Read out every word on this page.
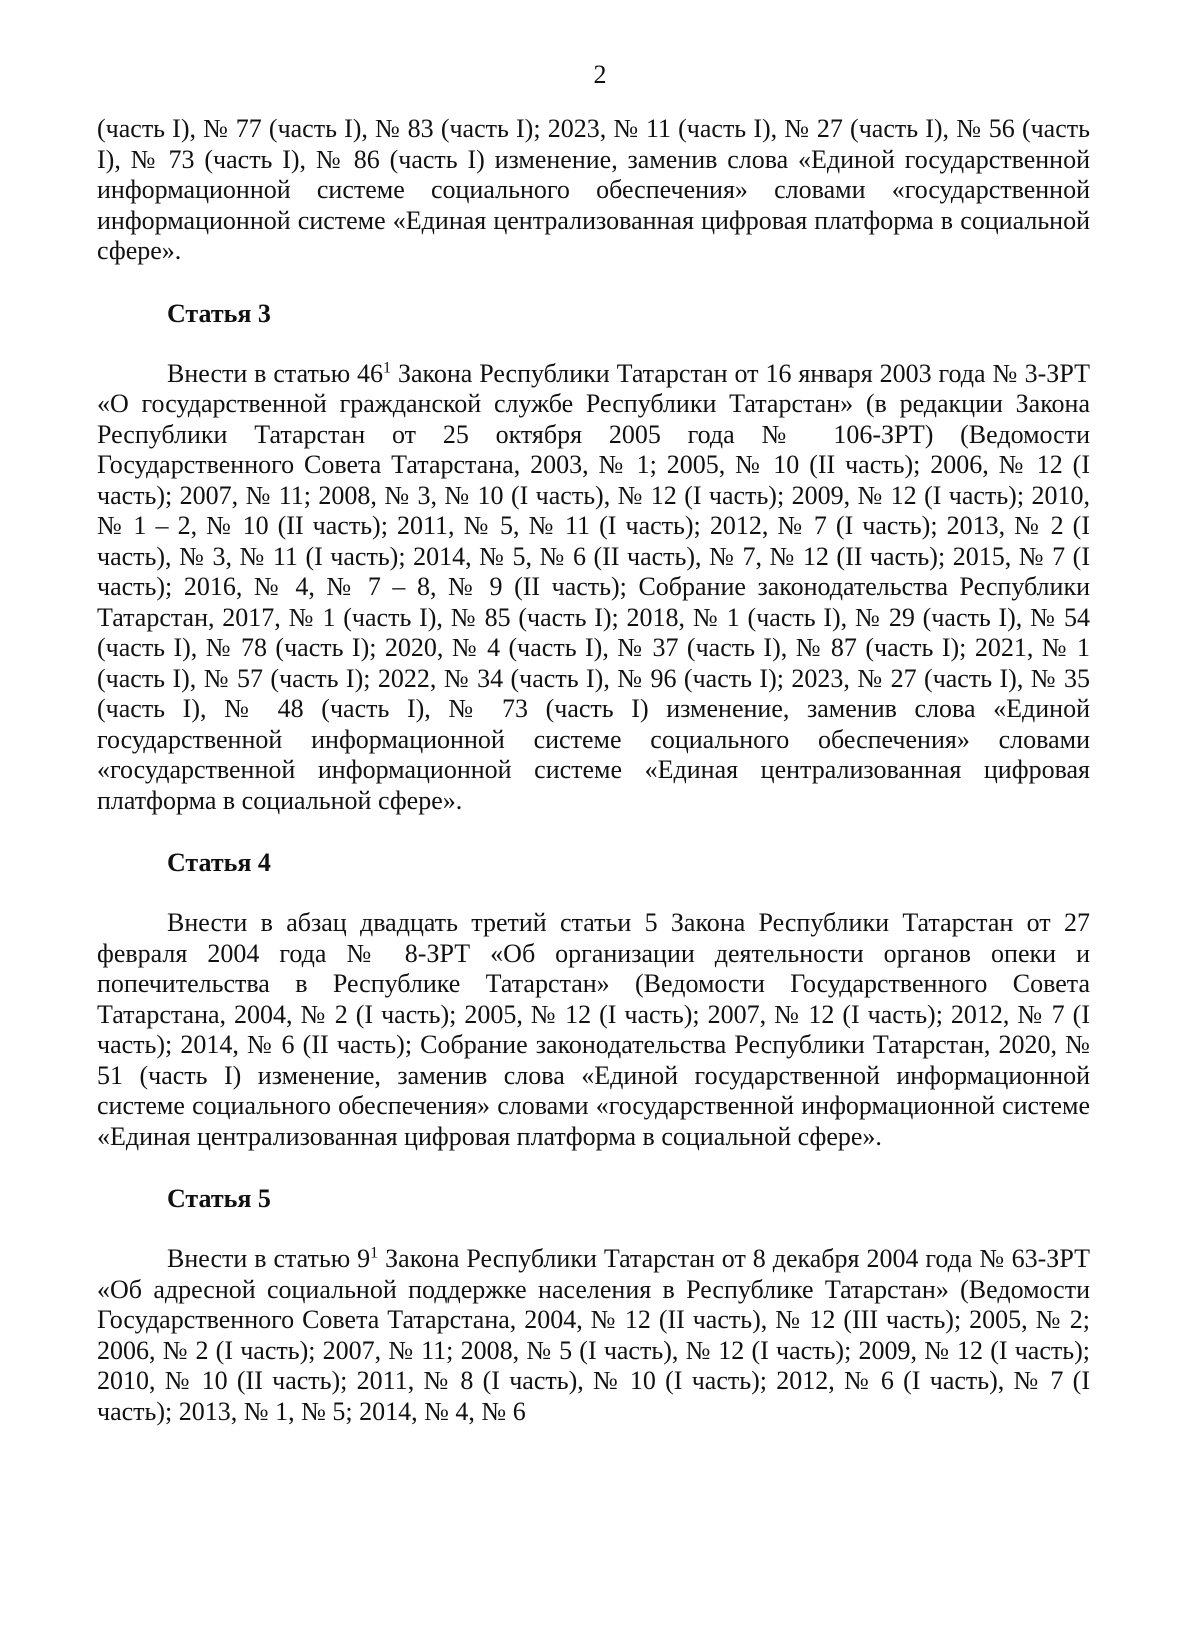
2

(часть I), № 77 (часть I), № 83 (часть I); 2023, № 11 (часть I), № 27 (часть I), № 56 (часть I), № 73 (часть I), № 86 (часть I) изменение, заменив слова «Единой государственной информационной системе социального обеспечения» словами «государственной информационной системе «Единая централизованная цифровая платформа в социальной сфере».

Статья 3

Внести в статью $46^1$ Закона Республики Татарстан от 16 января 2003 года № 3-ЗРТ «О государственной гражданской службе Республики Татарстан» (в редакции Закона Республики Татарстан от 25 октября 2005 года № 106-ЗРТ) (Ведомости Государственного Совета Татарстана, 2003, № 1; 2005, № 10 (II часть); 2006, № 12 (I часть); 2007, № 11; 2008, № 3, № 10 (I часть), № 12 (I часть); 2009, № 12 (I часть); 2010, № 1 – 2, № 10 (II часть); 2011, № 5, № 11 (I часть); 2012, № 7 (I часть); 2013, № 2 (I часть), № 3, № 11 (I часть); 2014, № 5, № 6 (II часть), № 7, № 12 (II часть); 2015, № 7 (I часть); 2016, № 4, № 7 – 8, № 9 (II часть); Собрание законодательства Республики Татарстан, 2017, № 1 (часть I), № 85 (часть I); 2018, № 1 (часть I), № 29 (часть I), № 54 (часть I), № 78 (часть I); 2020, № 4 (часть I), № 37 (часть I), № 87 (часть I); 2021, № 1 (часть I), № 57 (часть I); 2022, № 34 (часть I), № 96 (часть I); 2023, № 27 (часть I), № 35 (часть I), № 48 (часть I), № 73 (часть I) изменение, заменив слова «Единой государственной информационной системе социального обеспечения» словами «государственной информационной системе «Единая централизованная цифровая платформа в социальной сфере».

Статья 4

Внести в абзац двадцать третий статьи 5 Закона Республики Татарстан от 27 февраля 2004 года № 8-ЗРТ «Об организации деятельности органов опеки и попечительства в Республике Татарстан» (Ведомости Государственного Совета Татарстана, 2004, № 2 (I часть); 2005, № 12 (I часть); 2007, № 12 (I часть); 2012, № 7 (I часть); 2014, № 6 (II часть); Собрание законодательства Республики Татарстан, 2020, № 51 (часть I) изменение, заменив слова «Единой государственной информационной системе социального обеспечения» словами «государственной информационной системе «Единая централизованная цифровая платформа в социальной сфере».

Статья 5

Внести в статью $9^1$ Закона Республики Татарстан от 8 декабря 2004 года № 63-ЗРТ «Об адресной социальной поддержке населения в Республике Татарстан» (Ведомости Государственного Совета Татарстана, 2004, № 12 (II часть), № 12 (III часть); 2005, № 2; 2006, № 2 (I часть); 2007, № 11; 2008, № 5 (I часть), № 12 (I часть); 2009, № 12 (I часть); 2010, № 10 (II часть); 2011, № 8 (I часть), № 10 (I часть); 2012, № 6 (I часть), № 7 (I часть); 2013, № 1, № 5; 2014, № 4, № 6
